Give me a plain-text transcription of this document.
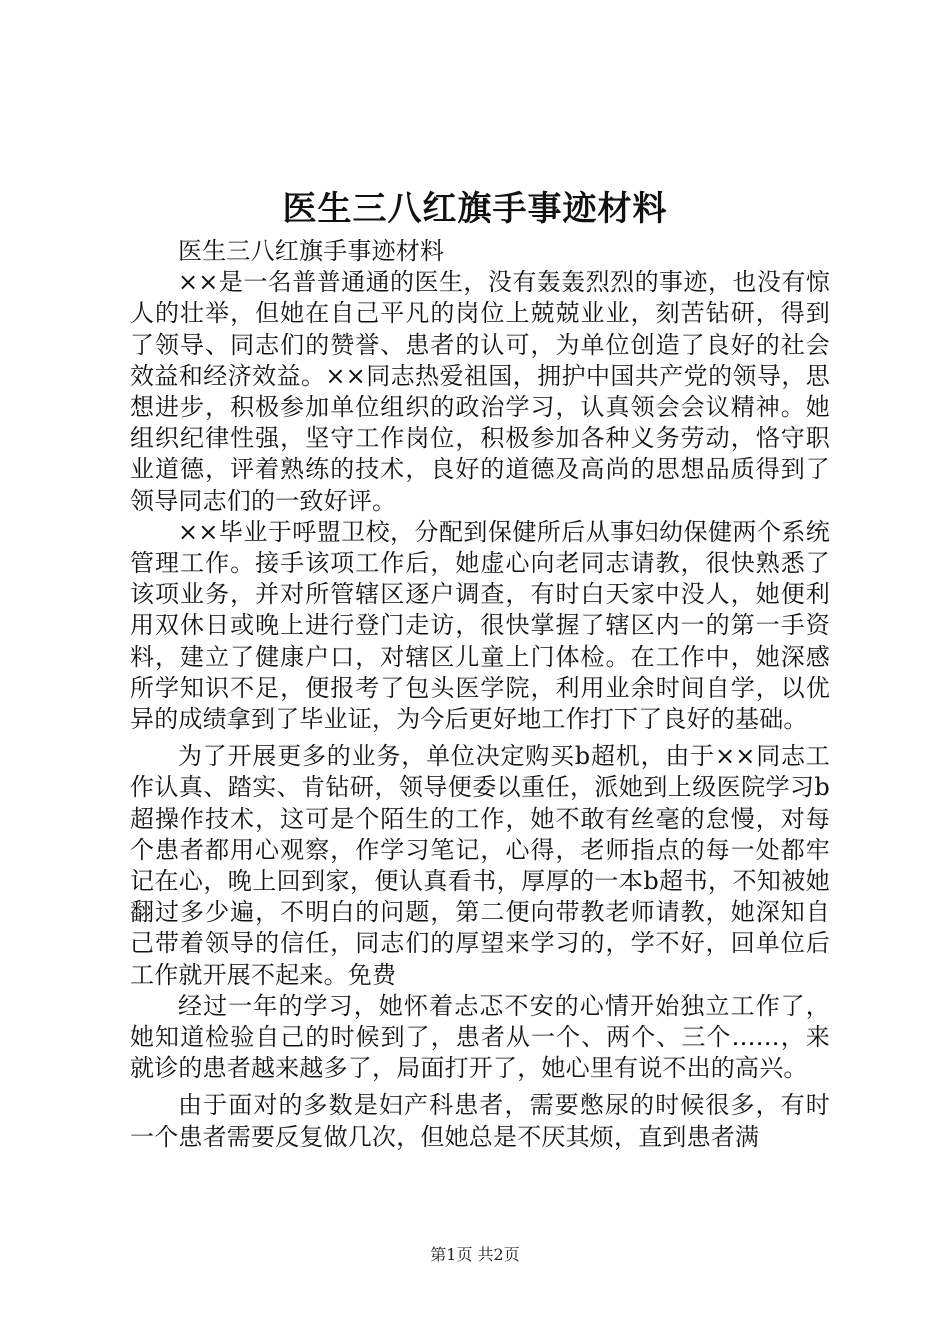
医生三八红旗手事迹材料

医生三八红旗手事迹材料

××是一名普普通通的医生，没有轰轰烈烈的事迹，也没有惊人的壮举，但她在自己平凡的岗位上兢兢业业，刻苦钻研，得到了领导、同志们的赞誉、患者的认可，为单位创造了良好的社会效益和经济效益。××同志热爱祖国，拥护中国共产党的领导，思想进步，积极参加单位组织的政治学习，认真领会会议精神。她组织纪律性强，坚守工作岗位，积极参加各种义务劳动，恪守职业道德，评着熟练的技术，良好的道德及高尚的思想品质得到了领导同志们的一致好评。

××毕业于呼盟卫校，分配到保健所后从事妇幼保健两个系统管理工作。接手该项工作后，她虚心向老同志请教，很快熟悉了该项业务，并对所管辖区逐户调查，有时白天家中没人，她便利用双休日或晚上进行登门走访，很快掌握了辖区内一的第一手资料，建立了健康户口，对辖区儿童上门体检。在工作中，她深感所学知识不足，便报考了包头医学院，利用业余时间自学，以优异的成绩拿到了毕业证，为今后更好地工作打下了良好的基础。

为了开展更多的业务，单位决定购买b超机，由于××同志工作认真、踏实、肯钻研，领导便委以重任，派她到上级医院学习b超操作技术，这可是个陌生的工作，她不敢有丝毫的怠慢，对每个患者都用心观察，作学习笔记，心得，老师指点的每一处都牢记在心，晚上回到家，便认真看书，厚厚的一本b超书，不知被她翻过多少遍，不明白的问题，第二便向带教老师请教，她深知自己带着领导的信任，同志们的厚望来学习的，学不好，回单位后工作就开展不起来。免费

经过一年的学习，她怀着忐忑不安的心情开始独立工作了，她知道检验自己的时候到了，患者从一个、两个、三个……，来就诊的患者越来越多了，局面打开了，她心里有说不出的高兴。

由于面对的多数是妇产科患者，需要憋尿的时候很多，有时一个患者需要反复做几次，但她总是不厌其烦，直到患者满

第1页 共2页
